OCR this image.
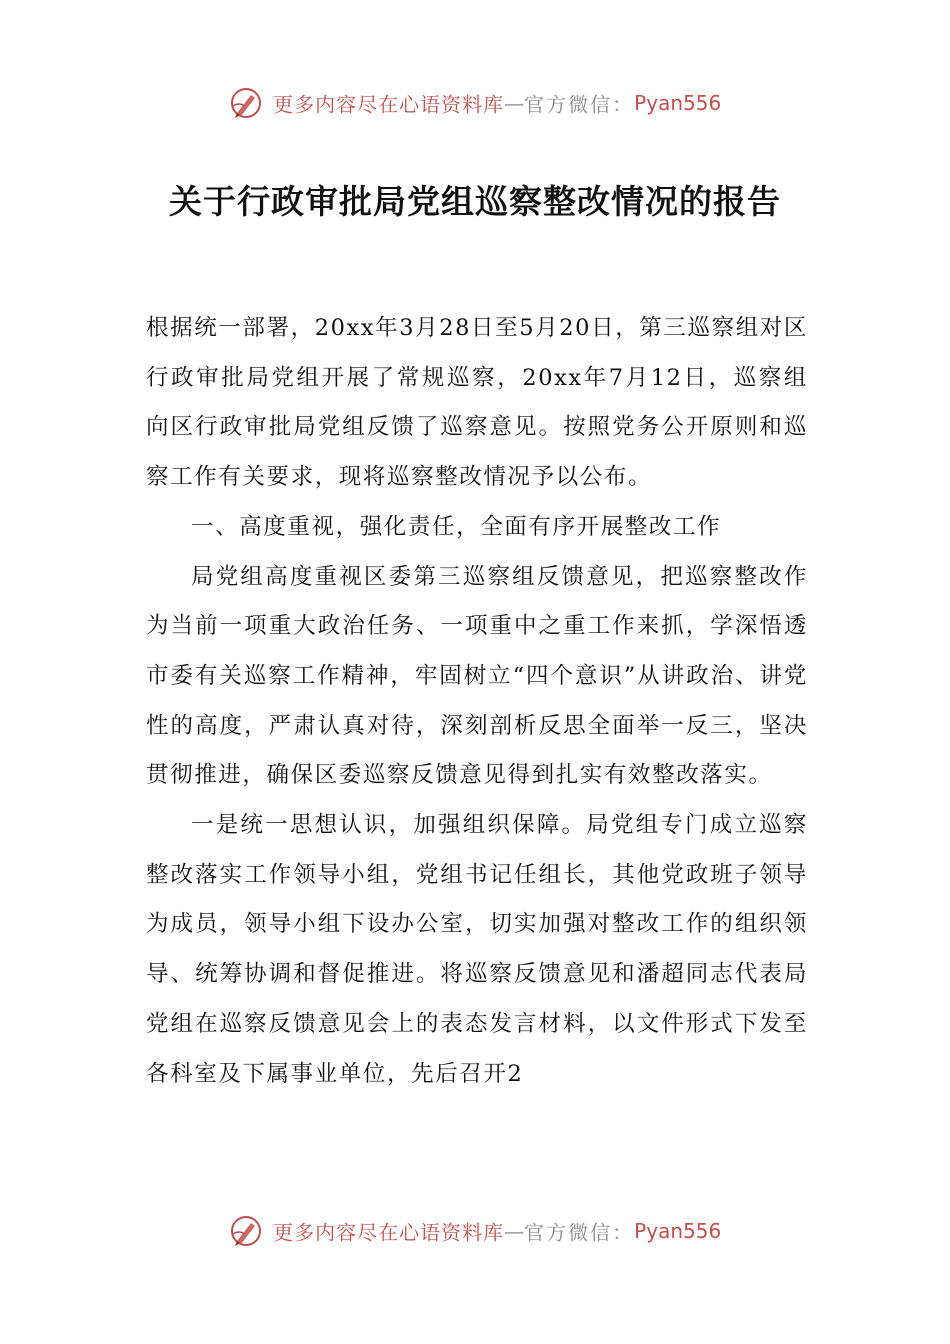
更多内容尽在心语资料库—官方微信：Pyan556
关于行政审批局党组巡察整改情况的报告

根据统一部署，20xx年3月28日至5月20日，第三巡察组对区行政审批局党组开展了常规巡察，20xx年7月12日，巡察组向区行政审批局党组反馈了巡察意见。按照党务公开原则和巡察工作有关要求，现将巡察整改情况予以公布。

一、高度重视，强化责任，全面有序开展整改工作

局党组高度重视区委第三巡察组反馈意见，把巡察整改作为当前一项重大政治任务、一项重中之重工作来抓，学深悟透市委有关巡察工作精神，牢固树立“四个意识”从讲政治、讲党性的高度，严肃认真对待，深刻剖析反思全面举一反三，坚决贯彻推进，确保区委巡察反馈意见得到扎实有效整改落实。

一是统一思想认识，加强组织保障。局党组专门成立巡察整改落实工作领导小组，党组书记任组长，其他党政班子领导为成员，领导小组下设办公室，切实加强对整改工作的组织领导、统筹协调和督促推进。将巡察反馈意见和潘超同志代表局党组在巡察反馈意见会上的表态发言材料，以文件形式下发至各科室及下属事业单位，先后召开2

更多内容尽在心语资料库—官方微信：Pyan556
